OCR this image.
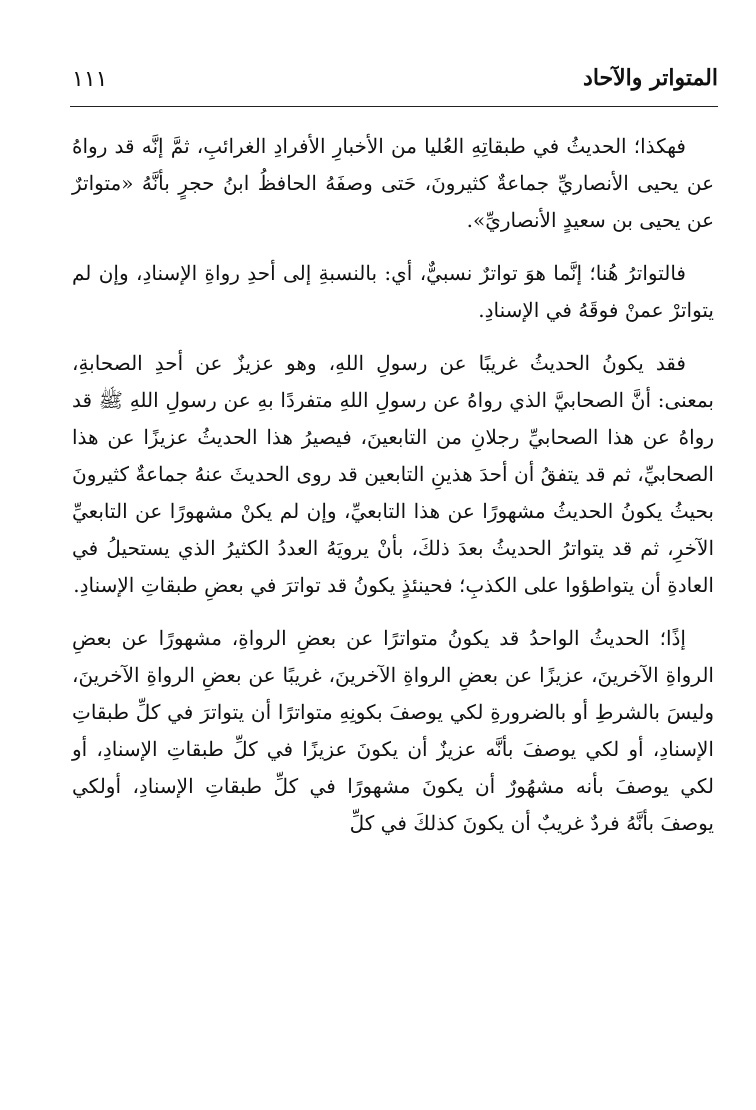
المتواتر والآحاد
١١١

فهكذا؛ الحديثُ في طبقاتِهِ العُليا من الأخبارِ الأفرادِ الغرائبِ، ثمَّ إنَّه قد رواهُ عن يحيى الأنصاريِّ جماعةٌ كثيرونَ، حَتى وصفَهُ الحافظُ ابنُ حجرٍ بأنَّهُ «متواترٌ عن يحيى بن سعيدٍ الأنصاريِّ».

فالتواترُ هُنا؛ إنَّما هوَ تواترٌ نسبيٌّ، أي: بالنسبةِ إلى أحدِ رواةِ الإسنادِ، وإن لم يتواترْ عمنْ فوقَهُ في الإسنادِ.

فقد يكونُ الحديثُ غريبًا عن رسولِ اللهِ، وهو عزيزٌ عن أحدِ الصحابةِ، بمعنى: أنَّ الصحابيَّ الذي رواهُ عن رسولِ اللهِ متفردًا بهِ عن رسولِ اللهِ ﷺ قد رواهُ عن هذا الصحابيِّ رجلانِ من التابعينَ، فيصيرُ هذا الحديثُ عزيزًا عن هذا الصحابيِّ، ثم قد يتفقُ أن أحدَ هذينِ التابعين قد روى الحديثَ عنهُ جماعةٌ كثيرونَ بحيثُ يكونُ الحديثُ مشهورًا عن هذا التابعيِّ، وإن لم يكنْ مشهورًا عن التابعيِّ الآخرِ، ثم قد يتواترُ الحديثُ بعدَ ذلكَ، بأنْ يرويَهُ العددُ الكثيرُ الذي يستحيلُ في العادةِ أن يتواطؤوا على الكذبِ؛ فحينئذٍ يكونُ قد تواترَ في بعضِ طبقاتِ الإسنادِ.

إذًا؛ الحديثُ الواحدُ قد يكونُ متواترًا عن بعضِ الرواةِ، مشهورًا عن بعضِ الرواةِ الآخرينَ، عزيزًا عن بعضِ الرواةِ الآخرينَ، غريبًا عن بعضِ الرواةِ الآخرينَ، وليسَ بالشرطِ أو بالضرورةِ لكي يوصفَ بكونِهِ متواترًا أن يتواترَ في كلِّ طبقاتِ الإسنادِ، أو لكي يوصفَ بأنَّه عزيزٌ أن يكونَ عزيزًا في كلِّ طبقاتِ الإسنادِ، أو لكي يوصفَ بأنه مشهُورٌ أن يكونَ مشهورًا في كلِّ طبقاتِ الإسنادِ، أولكي يوصفَ بأنَّهُ فردٌ غريبٌ أن يكونَ كذلكَ في كلِّ
